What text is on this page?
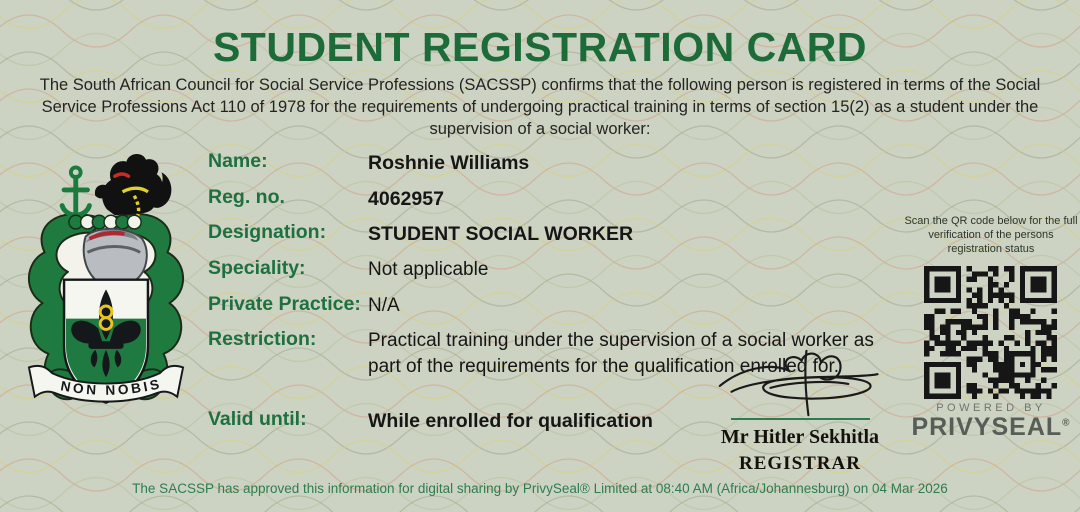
STUDENT REGISTRATION CARD
The South African Council for Social Service Professions (SACSSP) confirms that the following person is registered in terms of the Social Service Professions Act 110 of 1978 for the requirements of undergoing practical training in terms of section 15(2) as a student under the supervision of a social worker:
NON NOBIS
Name:	Roshnie Williams
Reg. no.	4062957
Designation:	STUDENT SOCIAL WORKER
Speciality:	Not applicable
Private Practice: N/A
Restriction:	Practical training under the supervision of a social worker as part of the requirements for the qualification enrolled for.
Valid until:	While enrolled for qualification
Mr Hitler Sekhitla
REGISTRAR
Scan the QR code below for the full verification of the persons registration status
POWERED BY
PRIVYSEAL®
The SACSSP has approved this information for digital sharing by PrivySeal® Limited at 08:40 AM (Africa/Johannesburg) on 04 Mar 2026
